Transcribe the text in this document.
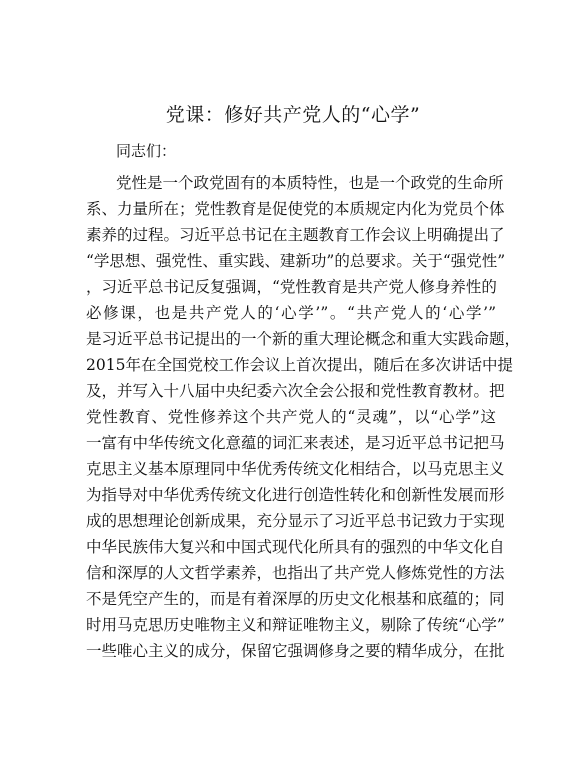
党课：修好共产党人的“心学”
同志们：
党性是一个政党固有的本质特性，也是一个政党的生命所
系、力量所在；党性教育是促使党的本质规定内化为党员个体
素养的过程。习近平总书记在主题教育工作会议上明确提出了
“学思想、强党性、重实践、建新功”的总要求。关于“强党性”
，习近平总书记反复强调，“党性教育是共产党人修身养性的
必修课，也是共产党人的‘心学’”。“共产党人的‘心学’”
是习近平总书记提出的一个新的重大理论概念和重大实践命题，
2015年在全国党校工作会议上首次提出，随后在多次讲话中提
及，并写入十八届中央纪委六次全会公报和党性教育教材。把
党性教育、党性修养这个共产党人的“灵魂”，以“心学”这
一富有中华传统文化意蕴的词汇来表述，是习近平总书记把马
克思主义基本原理同中华优秀传统文化相结合，以马克思主义
为指导对中华优秀传统文化进行创造性转化和创新性发展而形
成的思想理论创新成果，充分显示了习近平总书记致力于实现
中华民族伟大复兴和中国式现代化所具有的强烈的中华文化自
信和深厚的人文哲学素养，也指出了共产党人修炼党性的方法
不是凭空产生的，而是有着深厚的历史文化根基和底蕴的；同
时用马克思历史唯物主义和辩证唯物主义，剔除了传统“心学”
一些唯心主义的成分，保留它强调修身之要的精华成分，在批
